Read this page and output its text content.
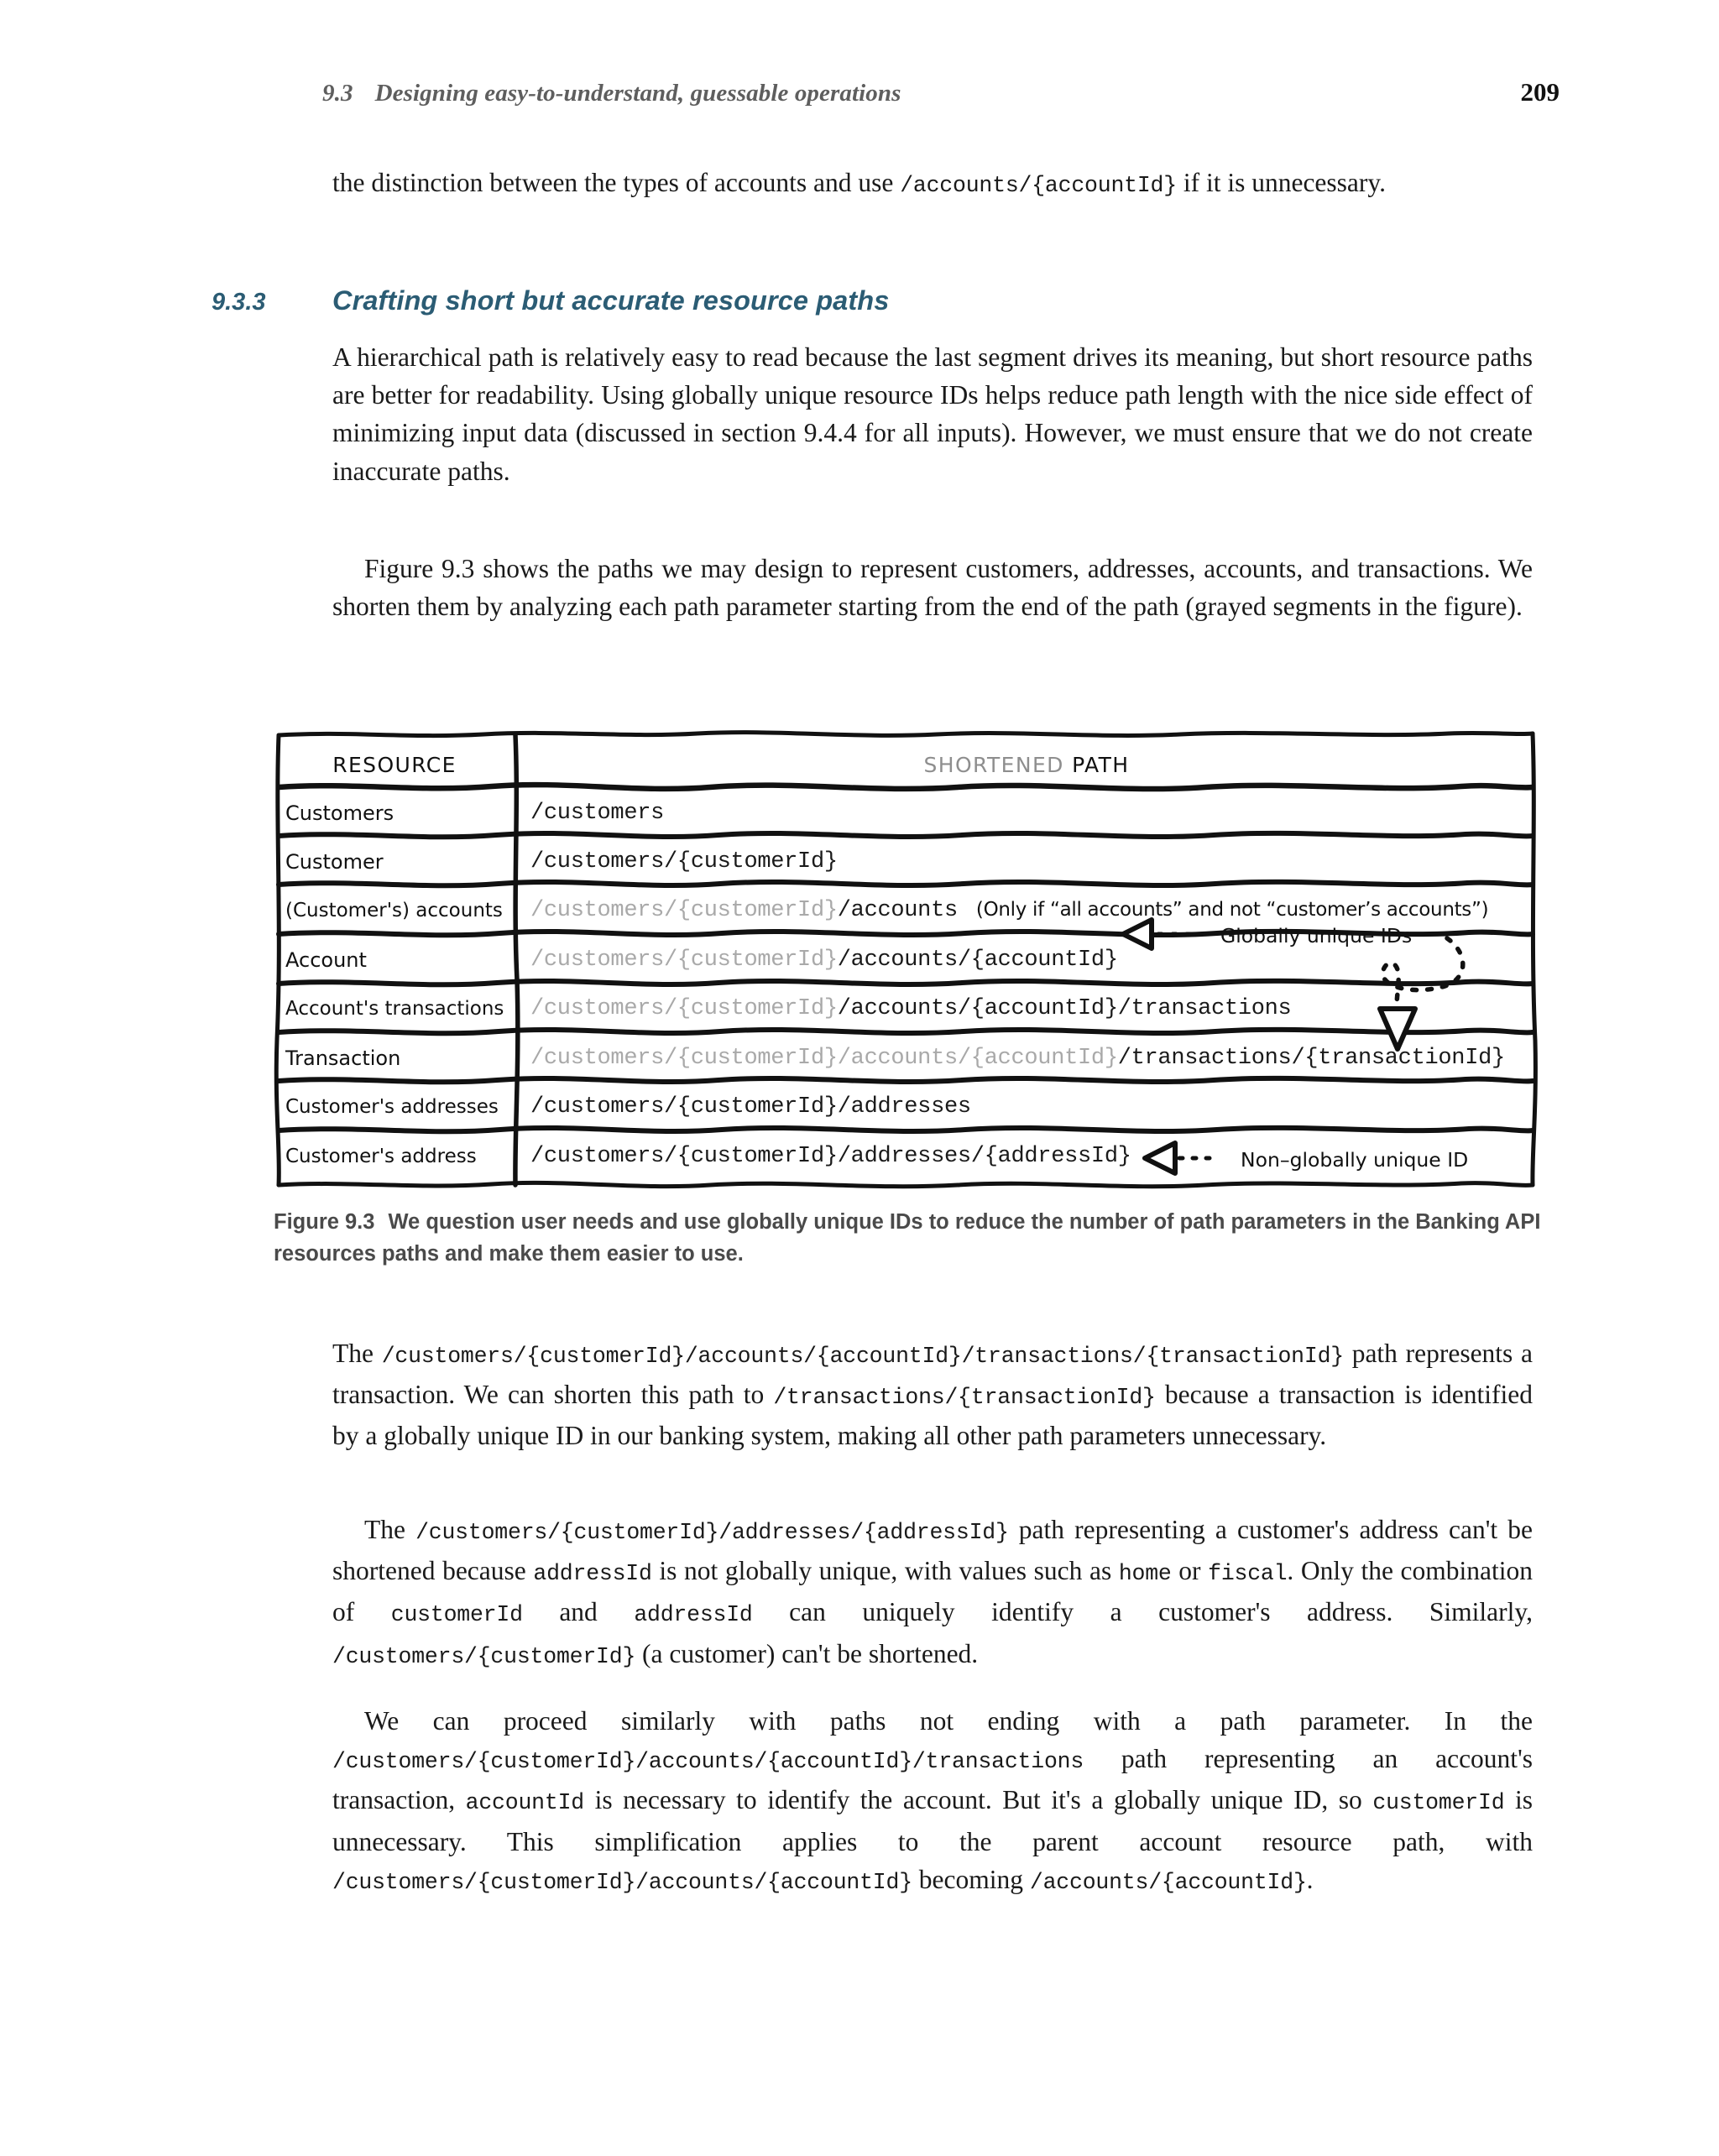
9.3 Designing easy-to-understand, guessable operations	209

the distinction between the types of accounts and use /accounts/{accountId} if it is unnecessary.

9.3.3	Crafting short but accurate resource paths

A hierarchical path is relatively easy to read because the last segment drives its meaning, but short resource paths are better for readability. Using globally unique resource IDs helps reduce path length with the nice side effect of minimizing input data (discussed in section 9.4.4 for all inputs). However, we must ensure that we do not create inaccurate paths.

Figure 9.3 shows the paths we may design to represent customers, addresses, accounts, and transactions. We shorten them by analyzing each path parameter starting from the end of the path (grayed segments in the figure).

RESOURCE	SHORTENED PATH
Customers	/customers
Customer	/customers/{customerId}
(Customer's) accounts	/customers/{customerId}/accounts (Only if “all accounts” and not “customer’s accounts”)
Account	/customers/{customerId}/accounts/{accountId}
Account's transactions	/customers/{customerId}/accounts/{accountId}/transactions
Transaction	/customers/{customerId}/accounts/{accountId}/transactions/{transactionId}
Customer's addresses	/customers/{customerId}/addresses
Customer's address	/customers/{customerId}/addresses/{addressId}
Globally unique IDs
Non–globally unique ID
Figure 9.3 We question user needs and use globally unique IDs to reduce the number of path parameters in the Banking API resources paths and make them easier to use.

The /customers/{customerId}/accounts/{accountId}/transactions/{transactionId} path represents a transaction. We can shorten this path to /transactions/{transactionId} because a transaction is identified by a globally unique ID in our banking system, making all other path parameters unnecessary.

The /customers/{customerId}/addresses/{addressId} path representing a customer's address can't be shortened because addressId is not globally unique, with values such as home or fiscal. Only the combination of customerId and addressId can uniquely identify a customer's address. Similarly, /customers/{customerId} (a customer) can't be shortened.

We can proceed similarly with paths not ending with a path parameter. In the /customers/{customerId}/accounts/{accountId}/transactions path representing an account's transaction, accountId is necessary to identify the account. But it's a globally unique ID, so customerId is unnecessary. This simplification applies to the parent account resource path, with /customers/{customerId}/accounts/{accountId} becoming /accounts/{accountId}.
